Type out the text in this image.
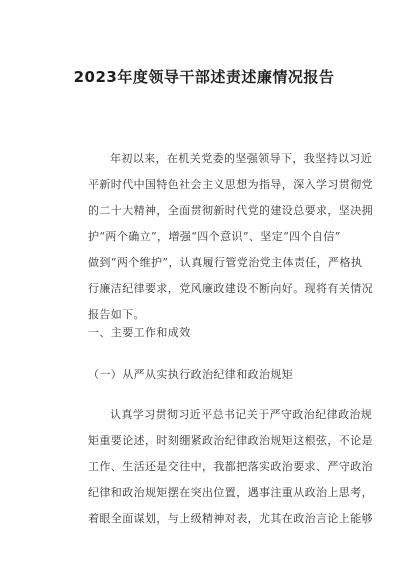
2023年度领导干部述责述廉情况报告
年初以来，在机关党委的坚强领导下，我坚持以习近
平新时代中国特色社会主义思想为指导，深入学习贯彻党
的二十大精神，全面贯彻新时代党的建设总要求，坚决拥
护“两个确立”，增强“四个意识”、坚定“四个自信”
做到“两个维护”，认真履行管党治党主体责任，严格执
行廉洁纪律要求，党风廉政建设不断向好。现将有关情况
报告如下。
一、主要工作和成效
（一）从严从实执行政治纪律和政治规矩
认真学习贯彻习近平总书记关于严守政治纪律政治规
矩重要论述，时刻绷紧政治纪律政治规矩这根弦，不论是
工作、生活还是交往中，我都把落实政治要求、严守政治
纪律和政治规矩摆在突出位置，遇事注重从政治上思考，
着眼全面谋划，与上级精神对表，尤其在政治言论上能够
